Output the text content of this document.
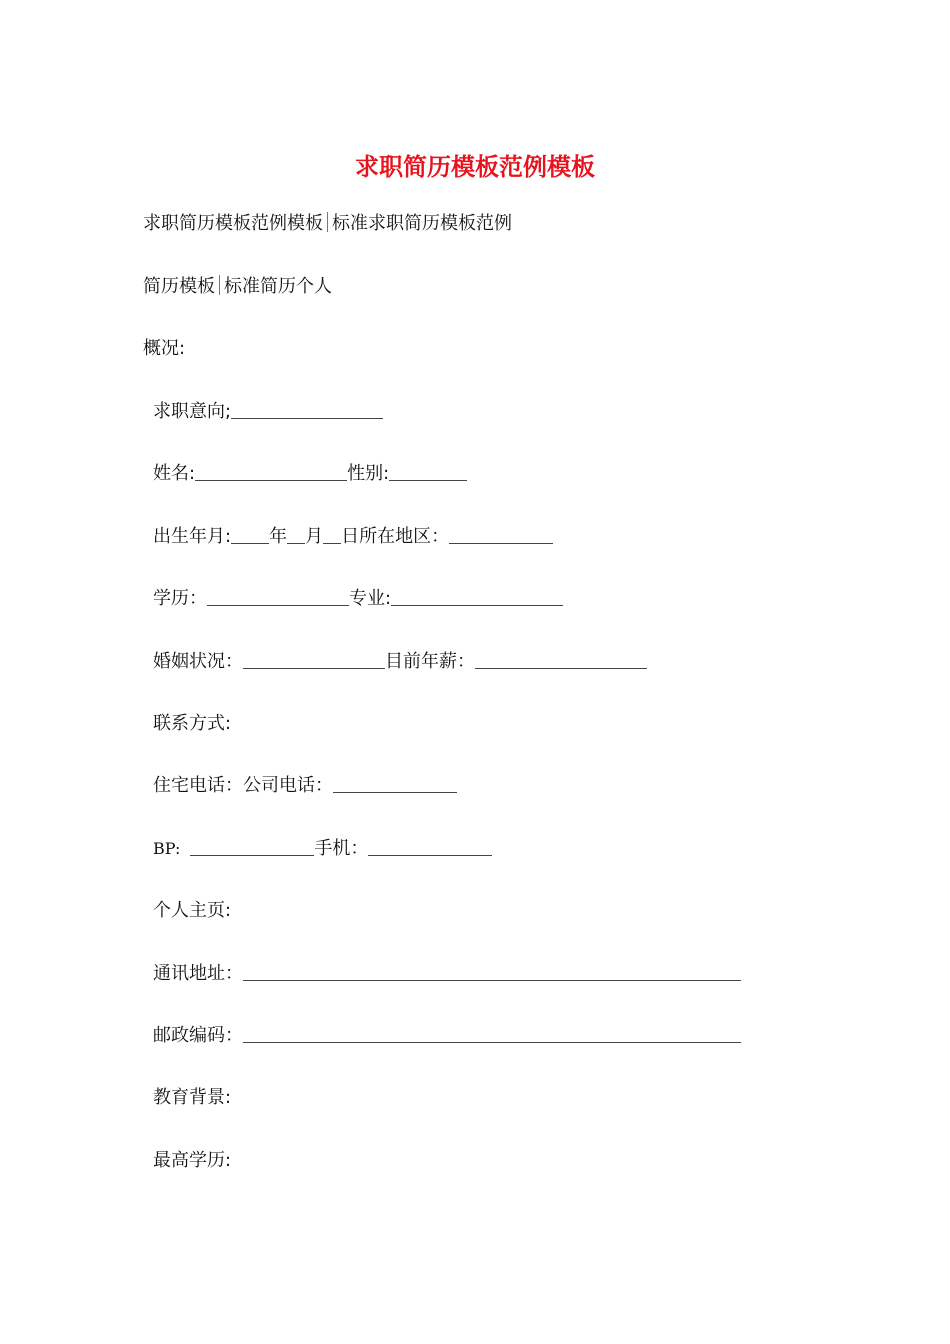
求职简历模板范例模板
求职简历模板范例模板 标准求职简历模板范例
简历模板 标准简历个人
概况:
求职意向;
姓名:	性别:
出生年月: 年 月 日所在地区：
学历：	专业:
婚姻状况：	目前年薪：
联系方式:
住宅电话：公司电话：
BP:	手机：
个人主页:
通讯地址：
邮政编码：
教育背景:
最高学历:
